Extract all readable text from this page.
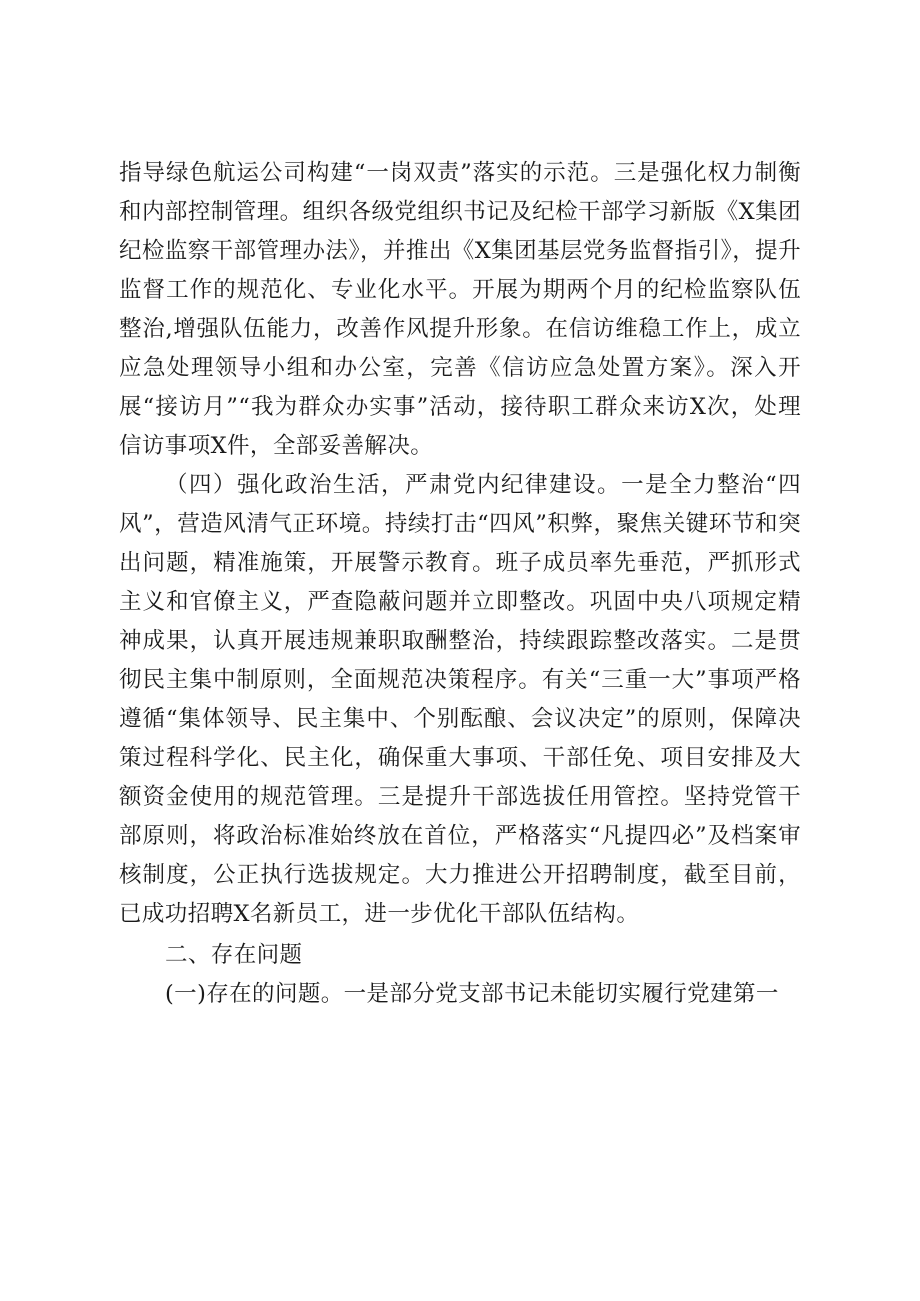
指导绿色航运公司构建“一岗双责”落实的示范。三是强化权力制衡和内部控制管理。组织各级党组织书记及纪检干部学习新版《X集团纪检监察干部管理办法》，并推出《X集团基层党务监督指引》，提升监督工作的规范化、专业化水平。开展为期两个月的纪检监察队伍整治,增强队伍能力，改善作风提升形象。在信访维稳工作上，成立应急处理领导小组和办公室，完善《信访应急处置方案》。深入开展“接访月”“我为群众办实事”活动，接待职工群众来访X次，处理信访事项X件，全部妥善解决。

（四）强化政治生活，严肃党内纪律建设。一是全力整治“四风”，营造风清气正环境。持续打击“四风”积弊，聚焦关键环节和突出问题，精准施策，开展警示教育。班子成员率先垂范，严抓形式主义和官僚主义，严查隐蔽问题并立即整改。巩固中央八项规定精神成果，认真开展违规兼职取酬整治，持续跟踪整改落实。二是贯彻民主集中制原则，全面规范决策程序。有关“三重一大”事项严格遵循“集体领导、民主集中、个别酝酿、会议决定”的原则，保障决策过程科学化、民主化，确保重大事项、干部任免、项目安排及大额资金使用的规范管理。三是提升干部选拔任用管控。坚持党管干部原则，将政治标准始终放在首位，严格落实“凡提四必”及档案审核制度，公正执行选拔规定。大力推进公开招聘制度，截至目前，已成功招聘X名新员工，进一步优化干部队伍结构。

二、存在问题

(一)存在的问题。一是部分党支部书记未能切实履行党建第一
